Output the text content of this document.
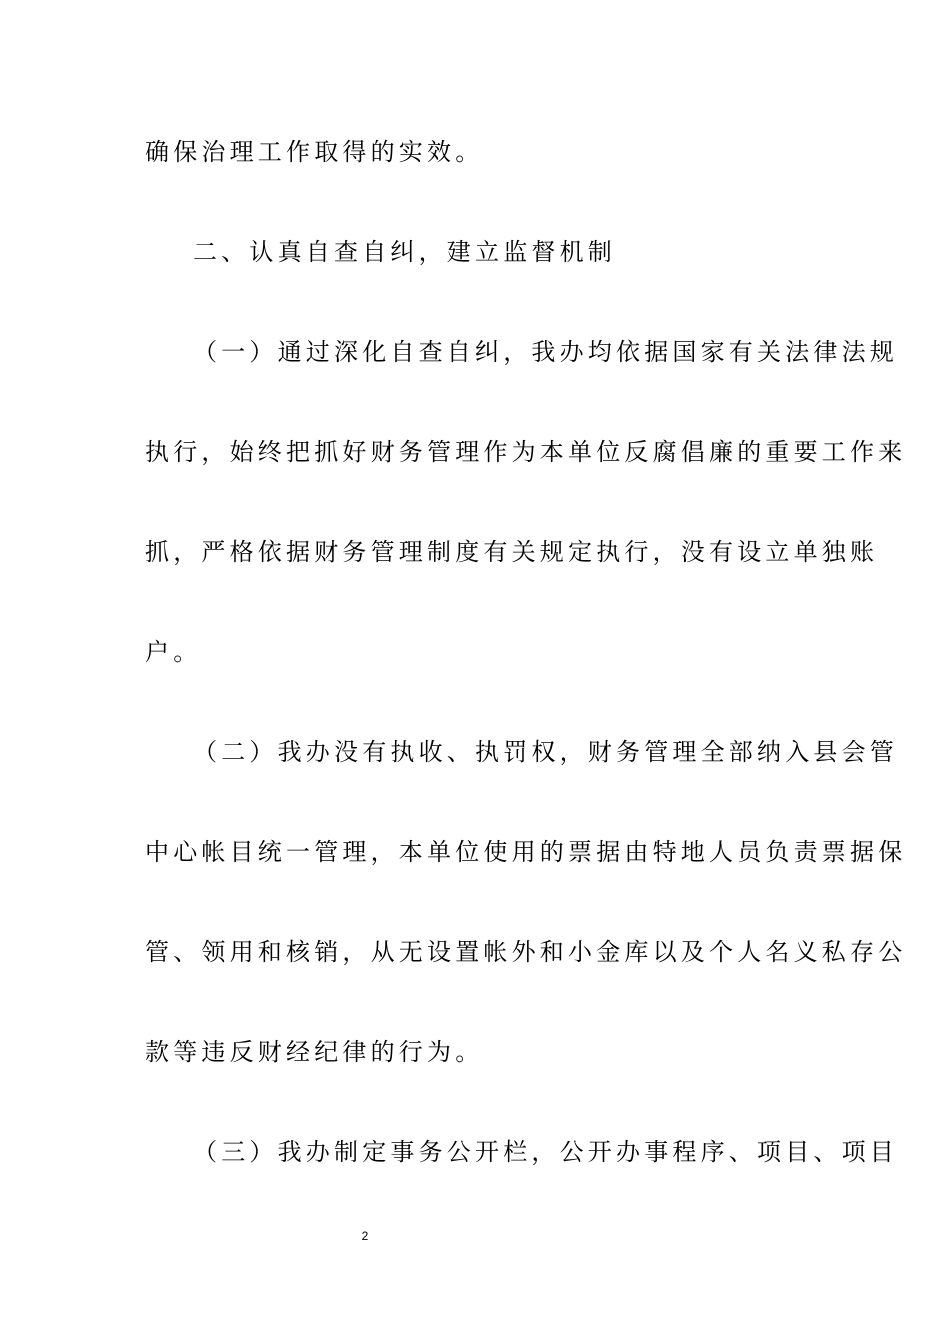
确保治理工作取得的实效。
二、认真自查自纠，建立监督机制
（一）通过深化自查自纠，我办均依据国家有关法律法规
执行，始终把抓好财务管理作为本单位反腐倡廉的重要工作来
抓，严格依据财务管理制度有关规定执行，没有设立单独账
户。
（二）我办没有执收、执罚权，财务管理全部纳入县会管
中心帐目统一管理，本单位使用的票据由特地人员负责票据保
管、领用和核销，从无设置帐外和小金库以及个人名义私存公
款等违反财经纪律的行为。
（三）我办制定事务公开栏，公开办事程序、项目、项目
2
